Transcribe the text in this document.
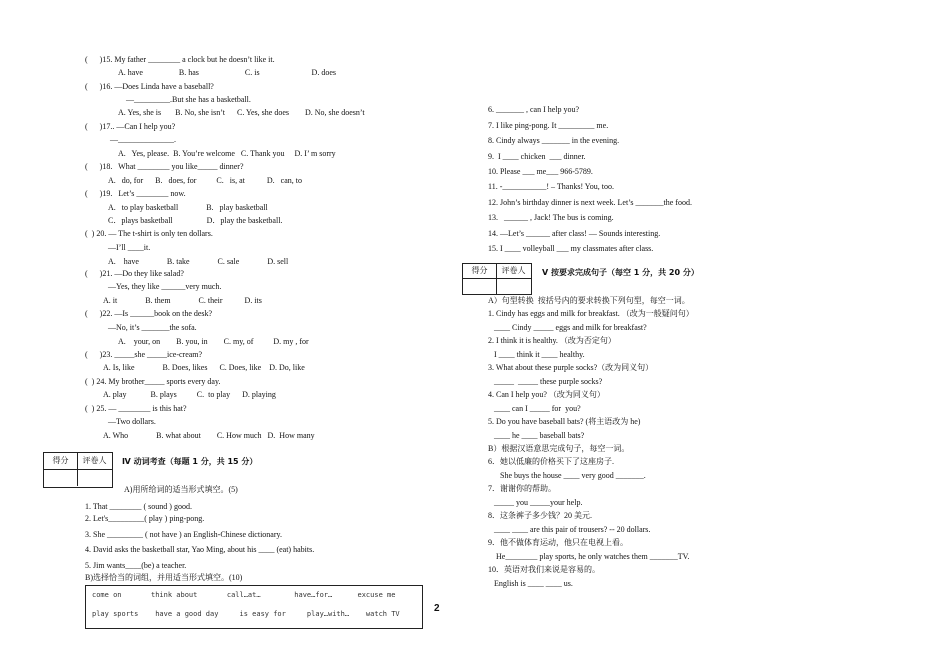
(      )15. My father ________ a clock but he doesn’t like it.
A. have                  B. has                       C. is                          D. does
(      )16. —Does Linda have a baseball?
—_________.But she has a basketball.
A. Yes, she is       B. No, she isn’t      C. Yes, she does        D. No, she doesn’t
(      )17.. —Can I help you?
—______________.
A.   Yes, please.  B. You’re welcome   C. Thank you     D. I’ m sorry
(      )18.   What ________ you like_____ dinner?
A.   do, for      B.   does, for          C.   is, at           D.   can, to
(      )19.   Let’s ________ now.
A.   to play basketball              B.   play basketball
C．plays basketball                 D．play the basketball.
(  ) 20. — The t-shirt is only ten dollars.
—I’ll ____it.
A.    have              B. take              C. sale              D. sell
(      )21. —Do they like salad?
—Yes, they like ______very much.
A. it              B. them              C. their           D. its
(      )22. —Is ______book on the desk?
—No, it’s _______the sofa.
A.    your, on        B. you, in        C. my, of          D. my , for
(      )23. _____she _____ice-cream?
A. Is, like              B. Does, likes      C. Does, like    D. Do, like
(  ) 24. My brother_____ sports every day.
A. play            B. plays          C.  to play      D. playing
(  ) 25. — ________ is this hat?
—Two dollars.
A. Who              B. what about        C. How much   D.  How many
得分	评卷人	Ⅳ 动词考查（每题 1 分，共 15 分）
A)用所给词的适当形式填空。(5)
1. That ________ ( sound ) good.
2. Let's_________( play ) ping-pong.
3. She _________ ( not have ) an English-Chinese dictionary.
4. David asks the basketball star, Yao Ming, about his ____ (eat) habits.
5. Jim wants____(be) a teacher.
B)选择恰当的词组，并用适当形式填空。(10)
come on       think about       call…at…        have…for…      excuse me
play sports    have a good day     is easy for     play…with…    watch TV	2
6. _______ , can I help you?
7. I like ping-pong. It _________ me.
8. Cindy always _______ in the evening.
9.  I ____ chicken  ___ dinner.
10. Please ___ me___ 966-5789.
11. -___________! – Thanks! You, too.
12. John’s birthday dinner is next week. Let’s _______the food.
13.   ______ , Jack! The bus is coming.
14. —Let’s ______ after class! — Sounds interesting.
15. I ____ volleyball ___ my classmates after class.
得分	评卷人	Ⅴ 按要求完成句子（每空 1 分，共 20 分）
A）句型转换  按括号内的要求转换下列句型，每空一词。
1. Cindy has eggs and milk for breakfast. （改为一般疑问句）
____ Cindy _____ eggs and milk for breakfast?
2. I think it is healthy. （改为否定句）
I ____ think it ____ healthy.
3. What about these purple socks?（改为同义句）
_____  _____ these purple socks?
4. Can I help you? （改为同义句）
____ can I _____ for  you?
5. Do you have baseball bats? (将主语改为 he)
____ he ____ baseball bats?
B）根据汉语意思完成句子，每空一词。
6．她以低廉的价格买下了这座房子.
She buys the house ____ very good _______.
7．谢谢你的帮助。
_____ you _____your help.
8．这条裤子多少钱？20 美元.
____ ____ are this pair of trousers? -- 20 dollars.
9．他不做体育运动，他只在电视上看。
He________ play sports, he only watches them _______TV.
10．英语对我们来说是容易的。
English is ____ ____ us.
